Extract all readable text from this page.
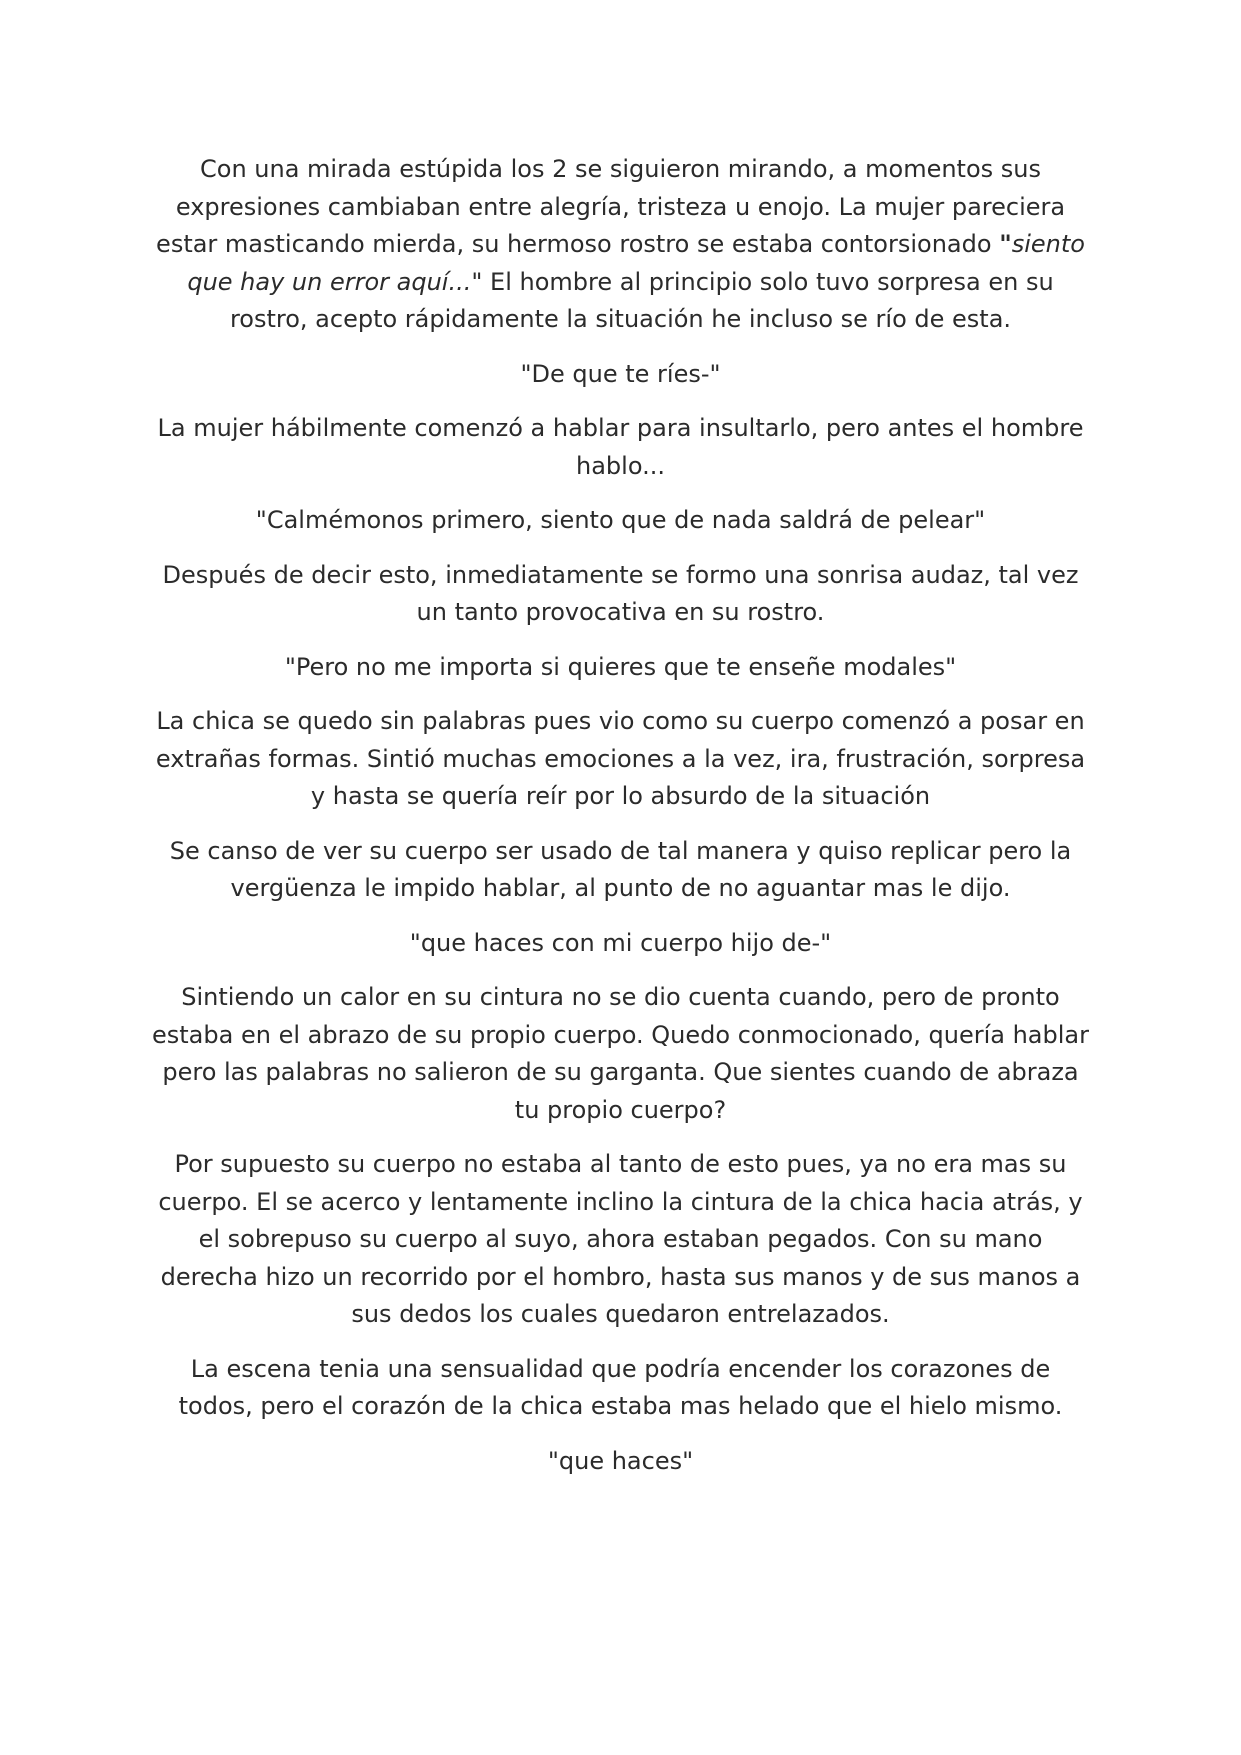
Con una mirada estúpida los 2 se siguieron mirando, a momentos sus expresiones cambiaban entre alegría, tristeza u enojo. La mujer pareciera estar masticando mierda, su hermoso rostro se estaba contorsionado "siento que hay un error aquí..." El hombre al principio solo tuvo sorpresa en su rostro, acepto rápidamente la situación he incluso se río de esta.

"De que te ríes-"

La mujer hábilmente comenzó a hablar para insultarlo, pero antes el hombre hablo...

"Calmémonos primero, siento que de nada saldrá de pelear"

Después de decir esto, inmediatamente se formo una sonrisa audaz, tal vez un tanto provocativa en su rostro.

"Pero no me importa si quieres que te enseñe modales"

La chica se quedo sin palabras pues vio como su cuerpo comenzó a posar en extrañas formas. Sintió muchas emociones a la vez, ira, frustración, sorpresa y hasta se quería reír por lo absurdo de la situación

Se canso de ver su cuerpo ser usado de tal manera y quiso replicar pero la vergüenza le impido hablar, al punto de no aguantar mas le dijo.

"que haces con mi cuerpo hijo de-"

Sintiendo un calor en su cintura no se dio cuenta cuando, pero de pronto estaba en el abrazo de su propio cuerpo. Quedo conmocionado, quería hablar pero las palabras no salieron de su garganta. Que sientes cuando de abraza tu propio cuerpo?

Por supuesto su cuerpo no estaba al tanto de esto pues, ya no era mas su cuerpo. El se acerco y lentamente inclino la cintura de la chica hacia atrás, y el sobrepuso su cuerpo al suyo, ahora estaban pegados. Con su mano derecha hizo un recorrido por el hombro, hasta sus manos y de sus manos a sus dedos los cuales quedaron entrelazados.

La escena tenia una sensualidad que podría encender los corazones de todos, pero el corazón de la chica estaba mas helado que el hielo mismo.

"que haces"
